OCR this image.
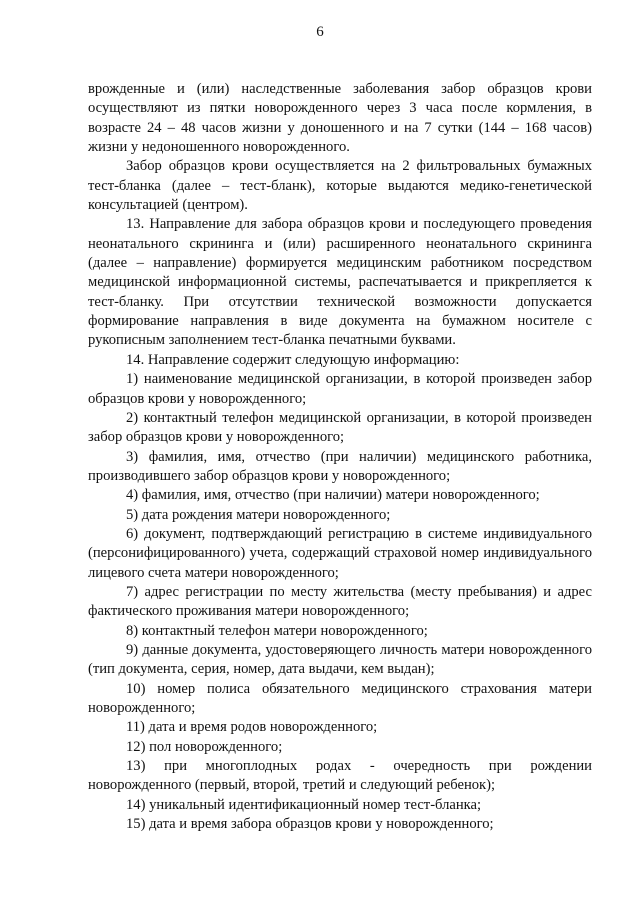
6

врожденные и (или) наследственные заболевания забор образцов крови осуществляют из пятки новорожденного через 3 часа после кормления, в возрасте 24 – 48 часов жизни у доношенного и на 7 сутки (144 – 168 часов) жизни у недоношенного новорожденного.

Забор образцов крови осуществляется на 2 фильтровальных бумажных тест-бланка (далее – тест-бланк), которые выдаются медико-генетической консультацией (центром).

13. Направление для забора образцов крови и последующего проведения неонатального скрининга и (или) расширенного неонатального скрининга (далее – направление) формируется медицинским работником посредством медицинской информационной системы, распечатывается и прикрепляется к тест-бланку. При отсутствии технической возможности допускается формирование направления в виде документа на бумажном носителе с рукописным заполнением тест-бланка печатными буквами.

14. Направление содержит следующую информацию:

1) наименование медицинской организации, в которой произведен забор образцов крови у новорожденного;

2) контактный телефон медицинской организации, в которой произведен забор образцов крови у новорожденного;

3) фамилия, имя, отчество (при наличии) медицинского работника, производившего забор образцов крови у новорожденного;

4) фамилия, имя, отчество (при наличии) матери новорожденного;

5) дата рождения матери новорожденного;

6) документ, подтверждающий регистрацию в системе индивидуального (персонифицированного) учета, содержащий страховой номер индивидуального лицевого счета матери новорожденного;

7) адрес регистрации по месту жительства (месту пребывания) и адрес фактического проживания матери новорожденного;

8) контактный телефон матери новорожденного;

9) данные документа, удостоверяющего личность матери новорожденного (тип документа, серия, номер, дата выдачи, кем выдан);

10) номер полиса обязательного медицинского страхования матери новорожденного;

11) дата и время родов новорожденного;

12) пол новорожденного;

13) при многоплодных родах - очередность при рождении новорожденного (первый, второй, третий и следующий ребенок);

14) уникальный идентификационный номер тест-бланка;

15) дата и время забора образцов крови у новорожденного;
